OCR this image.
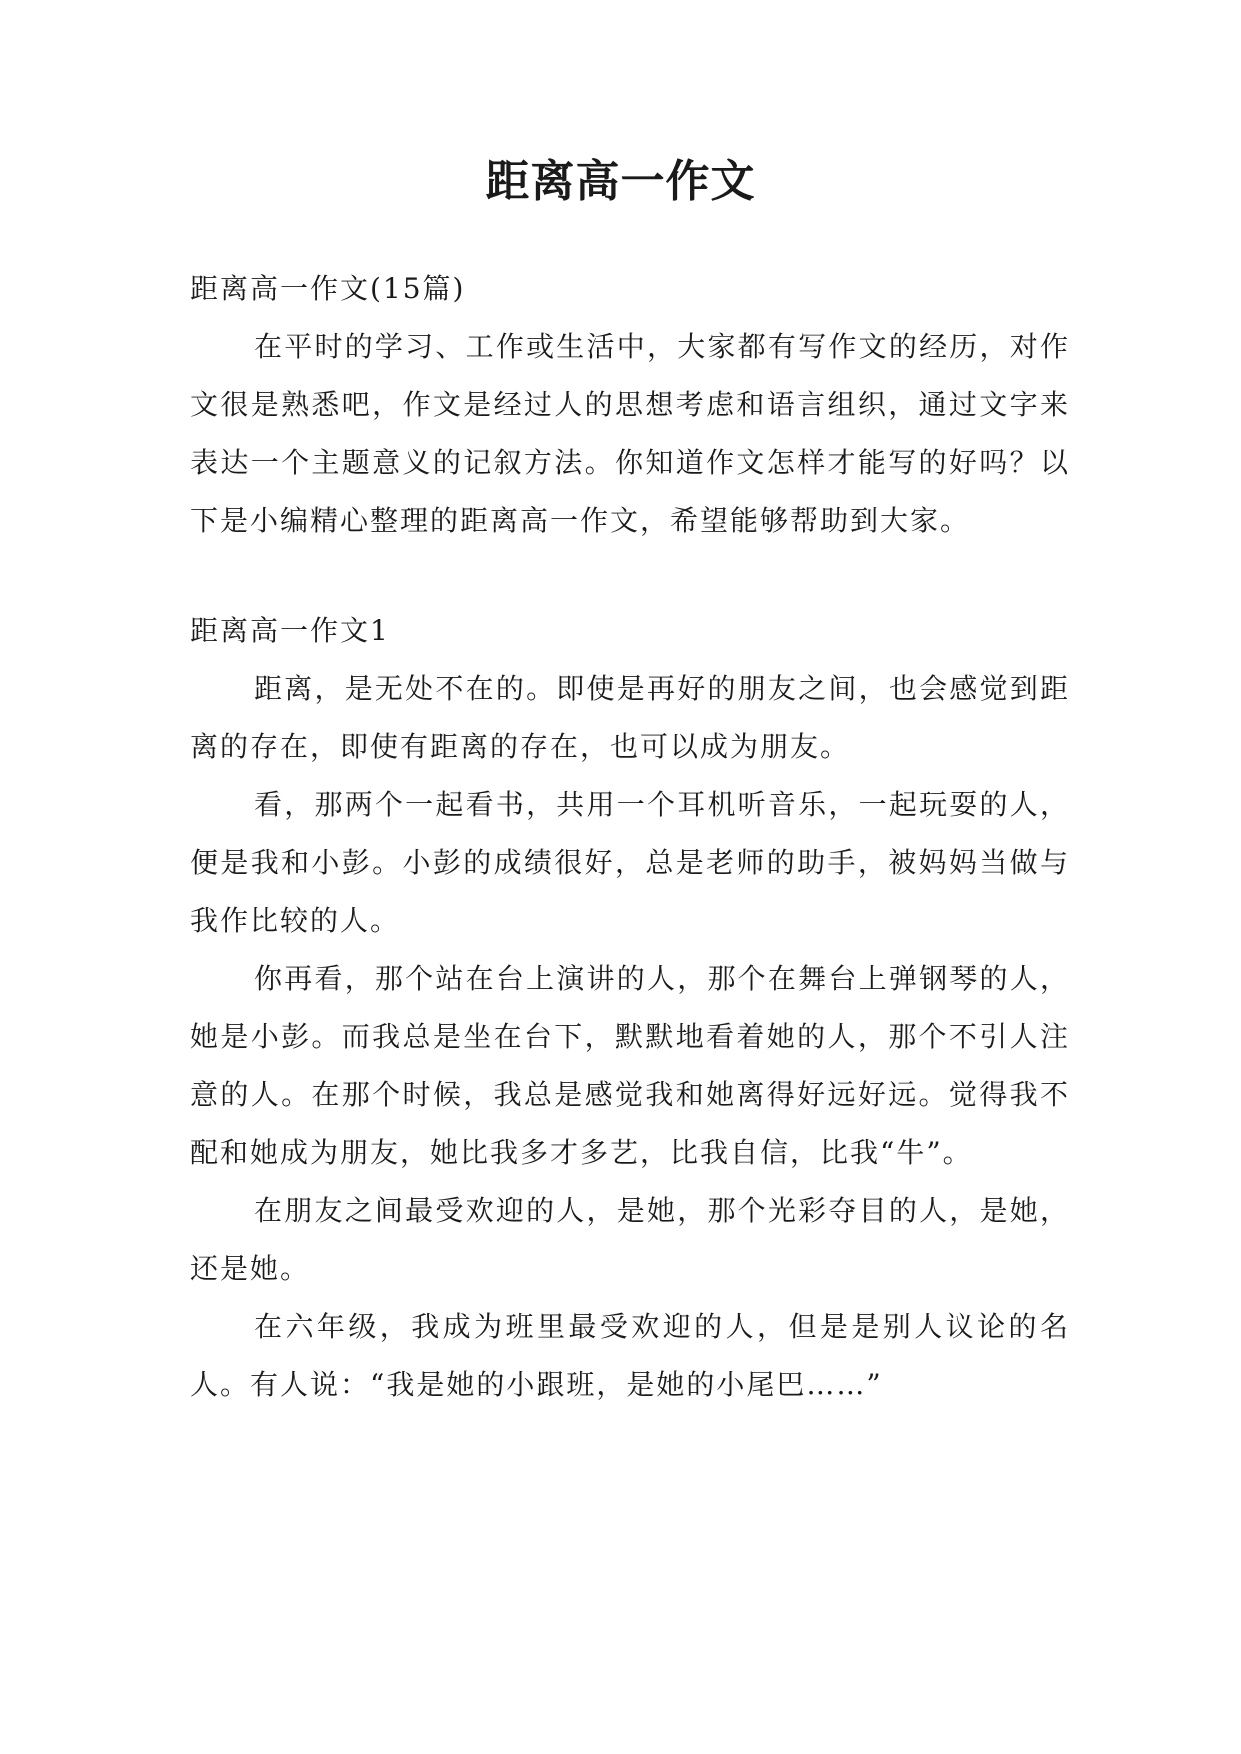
距离高一作文

距离高一作文(15篇)

在平时的学习、工作或生活中，大家都有写作文的经历，对作文很是熟悉吧，作文是经过人的思想考虑和语言组织，通过文字来表达一个主题意义的记叙方法。你知道作文怎样才能写的好吗？以下是小编精心整理的距离高一作文，希望能够帮助到大家。

距离高一作文1

距离，是无处不在的。即使是再好的朋友之间，也会感觉到距离的存在，即使有距离的存在，也可以成为朋友。

看，那两个一起看书，共用一个耳机听音乐，一起玩耍的人，便是我和小彭。小彭的成绩很好，总是老师的助手，被妈妈当做与我作比较的人。

你再看，那个站在台上演讲的人，那个在舞台上弹钢琴的人，她是小彭。而我总是坐在台下，默默地看着她的人，那个不引人注意的人。在那个时候，我总是感觉我和她离得好远好远。觉得我不配和她成为朋友，她比我多才多艺，比我自信，比我“牛”。

在朋友之间最受欢迎的人，是她，那个光彩夺目的人，是她，还是她。

在六年级，我成为班里最受欢迎的人，但是是别人议论的名人。有人说：“我是她的小跟班，是她的小尾巴……”
